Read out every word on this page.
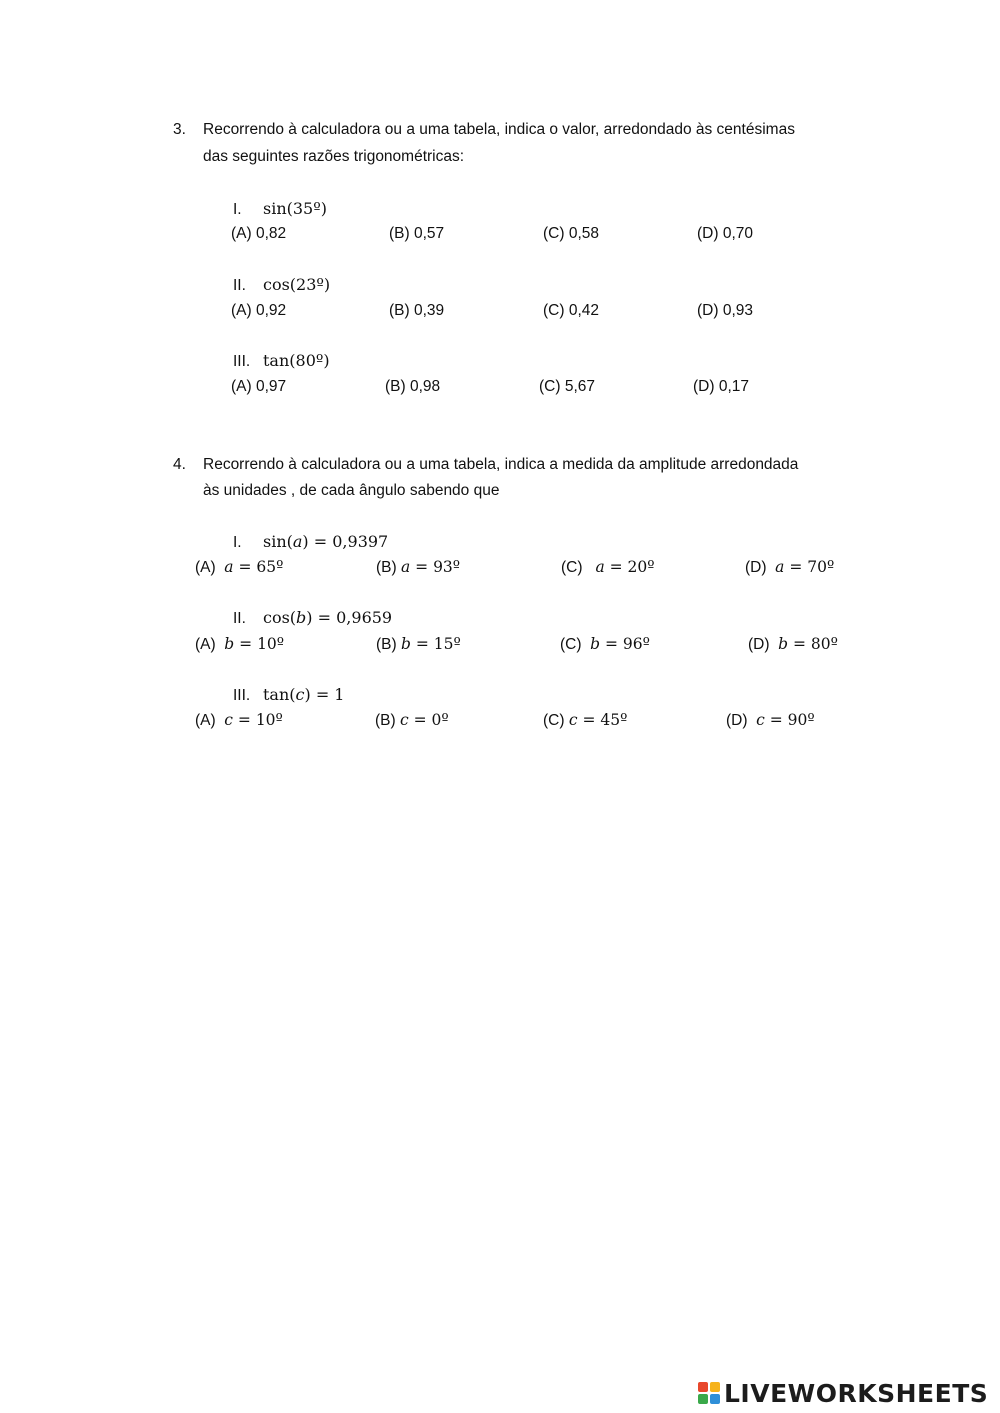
3. Recorrendo à calculadora ou a uma tabela, indica o valor, arredondado às centésimas
das seguintes razões trigonométricas:
I. sin(35º)
(A) 0,82	(B) 0,57	(C) 0,58	(D) 0,70
II. cos(23º)
(A) 0,92	(B) 0,39	(C) 0,42	(D) 0,93
III. tan(80º)
(A) 0,97	(B) 0,98	(C) 5,67	(D) 0,17
4. Recorrendo à calculadora ou a uma tabela, indica a medida da amplitude arredondada
às unidades , de cada ângulo sabendo que
I. sin(a) = 0,9397
(A) a = 65º	(B) a = 93º	(C) a = 20º	(D) a = 70º
II. cos(b) = 0,9659
(A) b = 10º	(B) b = 15º	(C) b = 96º	(D) b = 80º
III. tan(c) = 1
(A) c = 10º	(B) c = 0º	(C) c = 45º	(D) c = 90º
LIVEWORKSHEETS
